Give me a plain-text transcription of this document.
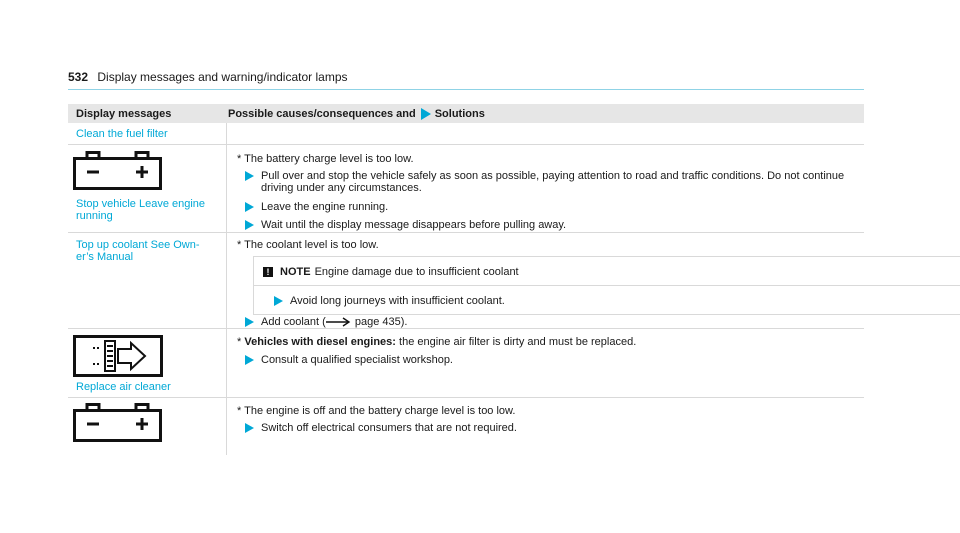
532 Display messages and warning/indicator lamps
Display messages	Possible causes/consequences and Solutions
Clean the fuel filter
Stop vehicle Leave engine running
* The battery charge level is too low.
Pull over and stop the vehicle safely as soon as possible, paying attention to road and traffic conditions. Do not continue driving under any circumstances.
Leave the engine running.
Wait until the display message disappears before pulling away.
Top up coolant See Own-er’s Manual
* The coolant level is too low.
! NOTE Engine damage due to insufficient coolant
Avoid long journeys with insufficient coolant.
Add coolant (	page 435).
Replace air cleaner
* Vehicles with diesel engines: the engine air filter is dirty and must be replaced.
Consult a qualified specialist workshop.
* The engine is off and the battery charge level is too low.
Switch off electrical consumers that are not required.
